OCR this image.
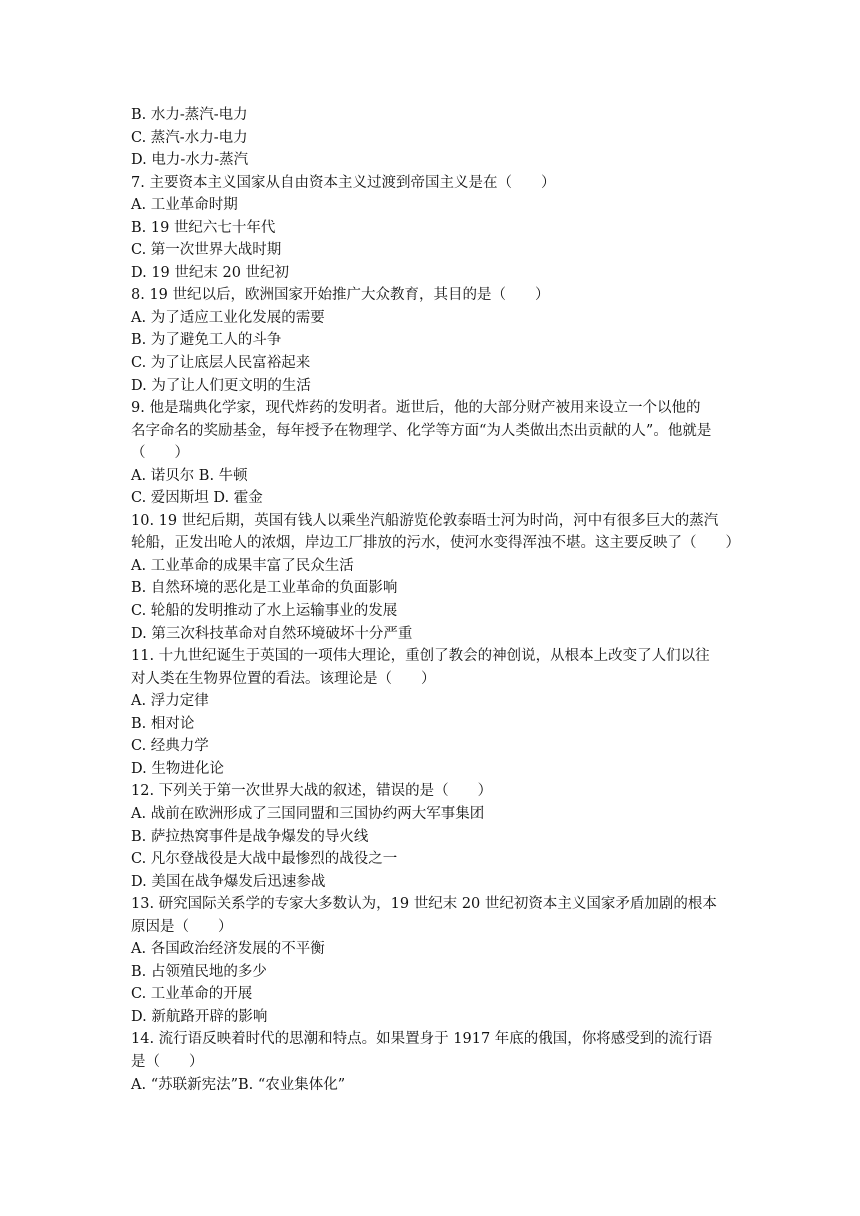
B. 水力-蒸汽-电力
C. 蒸汽-水力-电力
D. 电力-水力-蒸汽
7. 主要资本主义国家从自由资本主义过渡到帝国主义是在（　　）
A. 工业革命时期
B. 19 世纪六七十年代
C. 第一次世界大战时期
D. 19 世纪末 20 世纪初
8. 19 世纪以后，欧洲国家开始推广大众教育，其目的是（　　）
A. 为了适应工业化发展的需要
B. 为了避免工人的斗争
C. 为了让底层人民富裕起来
D. 为了让人们更文明的生活
9. 他是瑞典化学家，现代炸药的发明者。逝世后，他的大部分财产被用来设立一个以他的
名字命名的奖励基金，每年授予在物理学、化学等方面“为人类做出杰出贡献的人”。他就是
（　　）
A. 诺贝尔 B. 牛顿
C. 爱因斯坦 D. 霍金
10. 19 世纪后期，英国有钱人以乘坐汽船游览伦敦泰晤士河为时尚，河中有很多巨大的蒸汽
轮船，正发出呛人的浓烟，岸边工厂排放的污水，使河水变得浑浊不堪。这主要反映了（　　）
A. 工业革命的成果丰富了民众生活
B. 自然环境的恶化是工业革命的负面影响
C. 轮船的发明推动了水上运输事业的发展
D. 第三次科技革命对自然环境破坏十分严重
11. 十九世纪诞生于英国的一项伟大理论，重创了教会的神创说，从根本上改变了人们以往
对人类在生物界位置的看法。该理论是（　　）
A. 浮力定律
B. 相对论
C. 经典力学
D. 生物进化论
12. 下列关于第一次世界大战的叙述，错误的是（　　）
A. 战前在欧洲形成了三国同盟和三国协约两大军事集团
B. 萨拉热窝事件是战争爆发的导火线
C. 凡尔登战役是大战中最惨烈的战役之一
D. 美国在战争爆发后迅速参战
13. 研究国际关系学的专家大多数认为，19 世纪末 20 世纪初资本主义国家矛盾加剧的根本
原因是（　　）
A. 各国政治经济发展的不平衡
B. 占领殖民地的多少
C. 工业革命的开展
D. 新航路开辟的影响
14. 流行语反映着时代的思潮和特点。如果置身于 1917 年底的俄国，你将感受到的流行语
是（　　）
A. “苏联新宪法”B. “农业集体化”
